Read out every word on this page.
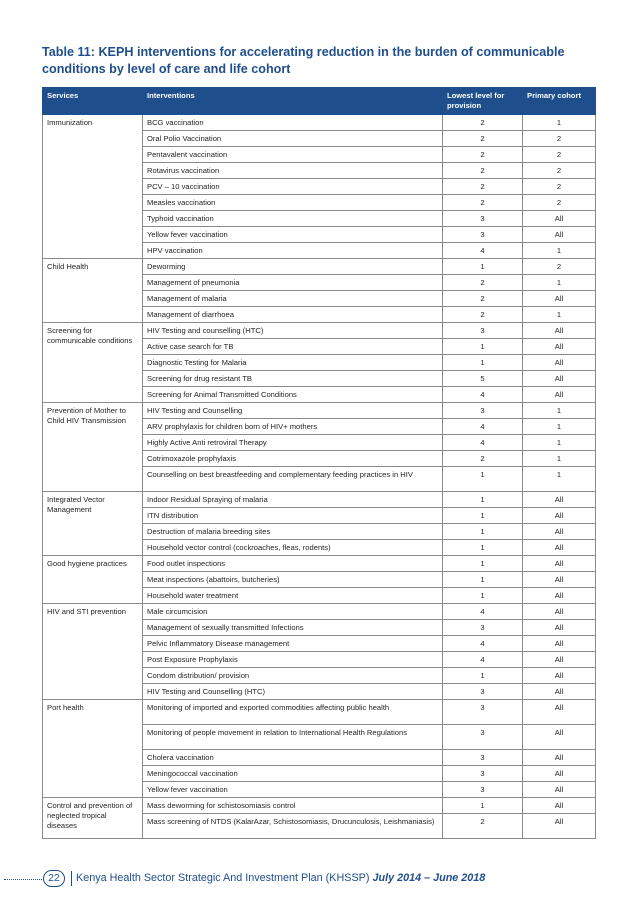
Table 11: KEPH interventions for accelerating reduction in the burden of communicable conditions by level of care and life cohort
Services	Interventions	Lowest level for provision	Primary cohort
Immunization	BCG vaccination	2	1
	Oral Polio Vaccination	2	2
	Pentavalent vaccination	2	2
	Rotavirus vaccination	2	2
	PCV – 10 vaccination	2	2
	Measles vaccination	2	2
	Typhoid vaccination	3	All
	Yellow fever vaccination	3	All
	HPV vaccination	4	1
Child Health	Deworming	1	2
	Management of pneumonia	2	1
	Management of malaria	2	All
	Management of diarrhoea	2	1
Screening for communicable conditions	HIV Testing and counselling (HTC)	3	All
	Active case search for TB	1	All
	Diagnostic Testing for Malaria	1	All
	Screening for drug resistant TB	5	All
	Screening for Animal Transmitted Conditions	4	All
Prevention of Mother to Child HIV Transmission	HIV Testing and Counselling	3	1
	ARV prophylaxis for children born of HIV+ mothers	4	1
	Highly Active Anti retroviral Therapy	4	1
	Cotrimoxazole prophylaxis	2	1
	Counselling on best breastfeeding and complementary feeding practices in HIV	1	1
Integrated Vector Management	Indoor Residual Spraying of malaria	1	All
	ITN distribution	1	All
	Destruction of malaria breeding sites	1	All
	Household vector control (cockroaches, fleas, rodents)	1	All
Good hygiene practices	Food outlet inspections	1	All
	Meat inspections (abattoirs, butcheries)	1	All
	Household water treatment	1	All
HIV and STI prevention	Male circumcision	4	All
	Management of sexually transmitted Infections	3	All
	Pelvic Inflammatory Disease management	4	All
	Post Exposure Prophylaxis	4	All
	Condom distribution/ provision	1	All
	HIV Testing and Counselling (HTC)	3	All
Port health	Monitoring of imported and exported commodities affecting public health	3	All
	Monitoring of people movement in relation to International Health Regulations	3	All
	Cholera vaccination	3	All
	Meningococcal vaccination	3	All
	Yellow fever vaccination	3	All
Control and prevention of neglected tropical diseases	Mass deworming for schistosomiasis control	1	All
	Mass screening of NTDS (KalarAzar, Schistosomiasis, Drucunculosis, Leishmaniasis)	2	All
22	Kenya Health Sector Strategic And Investment Plan (KHSSP) July 2014 – June 2018
